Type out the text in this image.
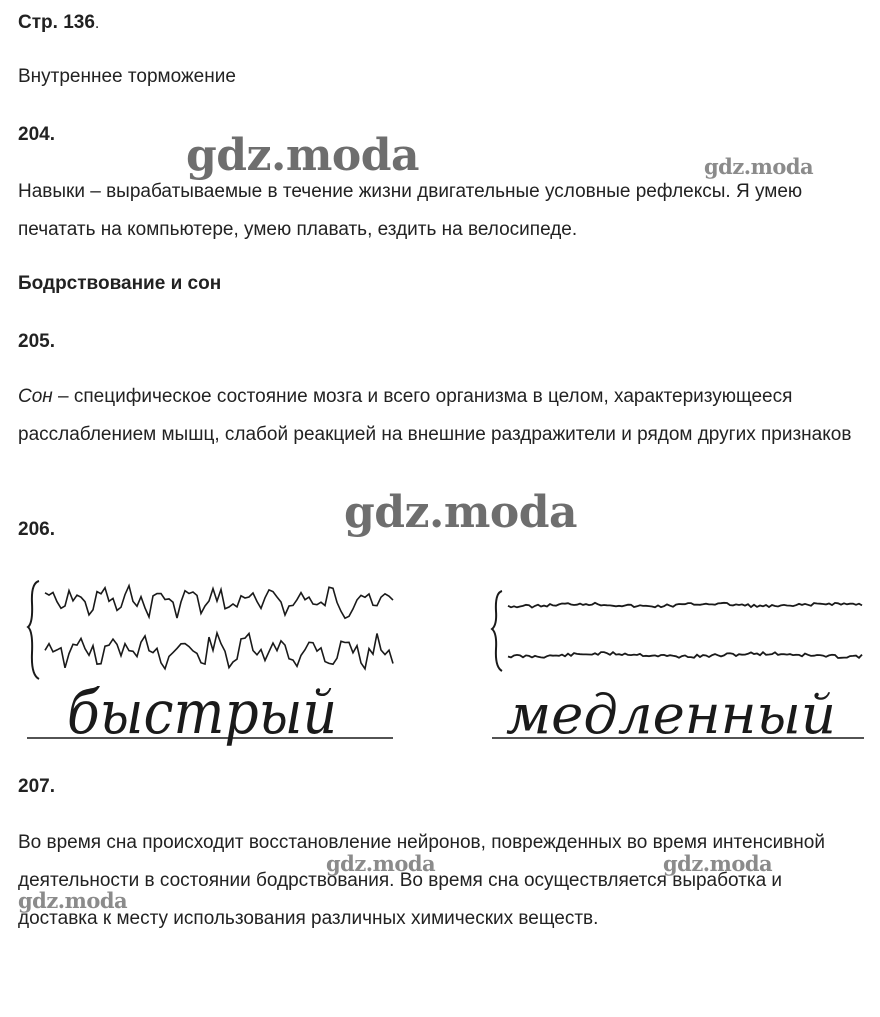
Стр. 136.
Внутреннее торможение
204.
Навыки – вырабатываемые в течение жизни двигательные условные рефлексы. Я умею печатать на компьютере, умею плавать, ездить на велосипеде.
Бодрствование и сон
205.
Сон – специфическое состояние мозга и всего организма в целом, характеризующееся расслаблением мышц, слабой реакцией на внешние раздражители и рядом других признаков
206.
быстрый	медленный
207.
Во время сна происходит восстановление нейронов, поврежденных во время интенсивной деятельности в состоянии бодрствования. Во время сна осуществляется выработка и доставка к месту использования различных химических веществ.
gdz.moda	gdz.moda
gdz.moda
gdz.moda	gdz.moda
gdz.moda
